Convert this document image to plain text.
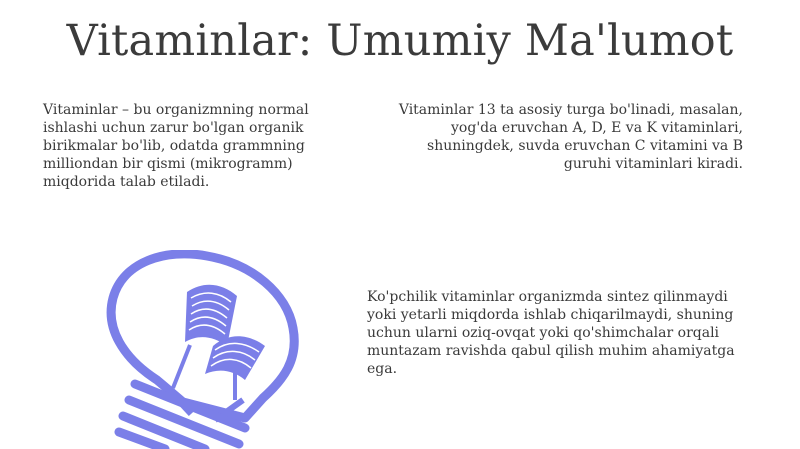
Vitaminlar: Umumiy Ma'lumot

Vitaminlar – bu organizmning normal ishlashi uchun zarur bo'lgan organik birikmalar bo'lib, odatda grammning milliondan bir qismi (mikrogramm) miqdorida talab etiladi.

Vitaminlar 13 ta asosiy turga bo'linadi, masalan, yog'da eruvchan A, D, E va K vitaminlari, shuningdek, suvda eruvchan C vitamini va B guruhi vitaminlari kiradi.

Ko'pchilik vitaminlar organizmda sintez qilinmaydi yoki yetarli miqdorda ishlab chiqarilmaydi, shuning uchun ularni oziq-ovqat yoki qo'shimchalar orqali muntazam ravishda qabul qilish muhim ahamiyatga ega.
